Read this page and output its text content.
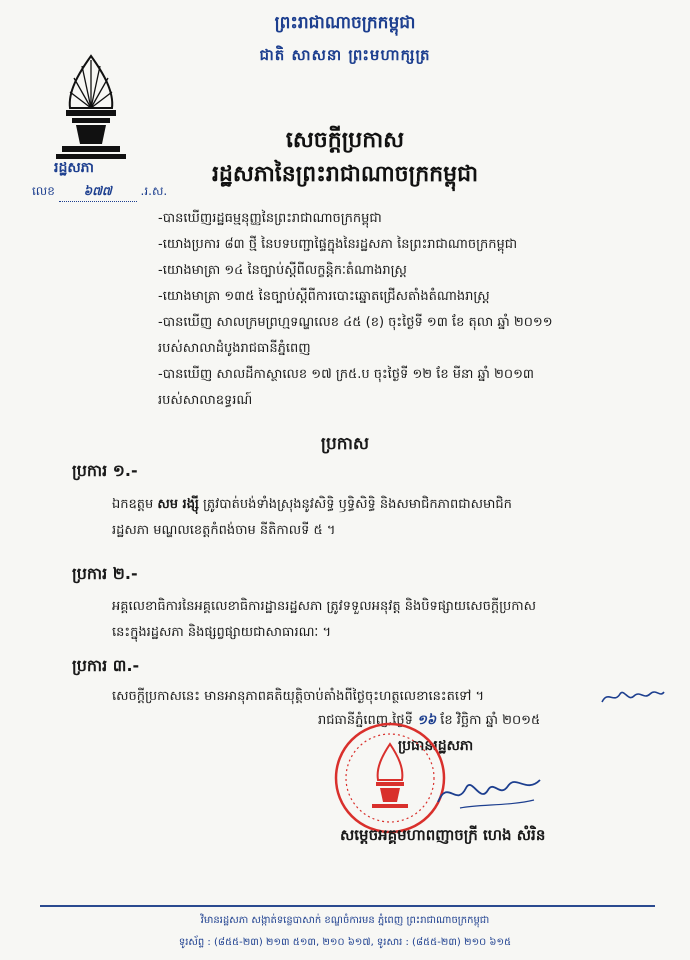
ព្រះរាជាណាចក្រកម្ពុជា
ជាតិ សាសនា ព្រះមហាក្សត្រ
រដ្ឋសភា
លេខ ៦៧៧ .រ.ស.
សេចក្ដីប្រកាស
រដ្ឋសភានៃព្រះរាជាណាចក្រកម្ពុជា
-បានឃើញរដ្ឋធម្មនុញ្ញនៃព្រះរាជាណាចក្រកម្ពុជា
-យោងប្រការ ៨៣ ថ្មី នៃបទបញ្ជាផ្ទៃក្នុងនៃរដ្ឋសភា នៃព្រះរាជាណាចក្រកម្ពុជា
-យោងមាត្រា ១៤ នៃច្បាប់ស្ដីពីលក្ខន្តិកៈតំណាងរាស្ត្រ
-យោងមាត្រា ១៣៥ នៃច្បាប់ស្ដីពីការបោះឆ្នោតជ្រើសតាំងតំណាងរាស្ត្រ
-បានឃើញ សាលក្រមព្រហ្មទណ្ឌលេខ ៤៥ (ខ) ចុះថ្ងៃទី ១៣ ខែ តុលា ឆ្នាំ ២០១១
របស់សាលាដំបូងរាជធានីភ្នំពេញ
-បានឃើញ សាលដីកាស្ថាលេខ ១៧ ក្រ៥.ប ចុះថ្ងៃទី ១២ ខែ មីនា ឆ្នាំ ២០១៣
របស់សាលាឧទ្ធរណ៍
ប្រកាស
ប្រការ ១.-
ឯកឧត្តម សម រង្ស៊ី ត្រូវបាត់បង់ទាំងស្រុងនូវសិទ្ធិ ឫទ្ធិសិទ្ធិ និងសមាជិកភាពជាសមាជិក
រដ្ឋសភា មណ្ឌលខេត្តកំពង់ចាម នីតិកាលទី ៥ ។
ប្រការ ២.-
អគ្គលេខាធិការនៃអគ្គលេខាធិការដ្ឋានរដ្ឋសភា ត្រូវទទួលអនុវត្ត និងបិទផ្សាយសេចក្ដីប្រកាស
នេះក្នុងរដ្ឋសភា និងផ្សព្វផ្សាយជាសាធារណៈ ។
ប្រការ ៣.-
សេចក្ដីប្រកាសនេះ មានអានុភាពគតិយុត្តិចាប់តាំងពីថ្ងៃចុះហត្ថលេខានេះតទៅ ។
រាជធានីភ្នំពេញ,ថ្ងៃទី ១៦ ខែ វិច្ឆិកា ឆ្នាំ ២០១៥
ប្រធានរដ្ឋសភា
សម្ដេចអគ្គមហាពញាចក្រី ហេង សំរិន
វិមានរដ្ឋសភា សង្កាត់ទន្លេបាសាក់ ខណ្ឌចំការមន ភ្នំពេញ ព្រះរាជាណាចក្រកម្ពុជា
ទូរស័ព្ទ : (៨៥៥-២៣) ២១៣ ៥១៣, ២១០ ៦១៧, ទូរសារ : (៨៥៥-២៣) ២១០ ៦១៥
